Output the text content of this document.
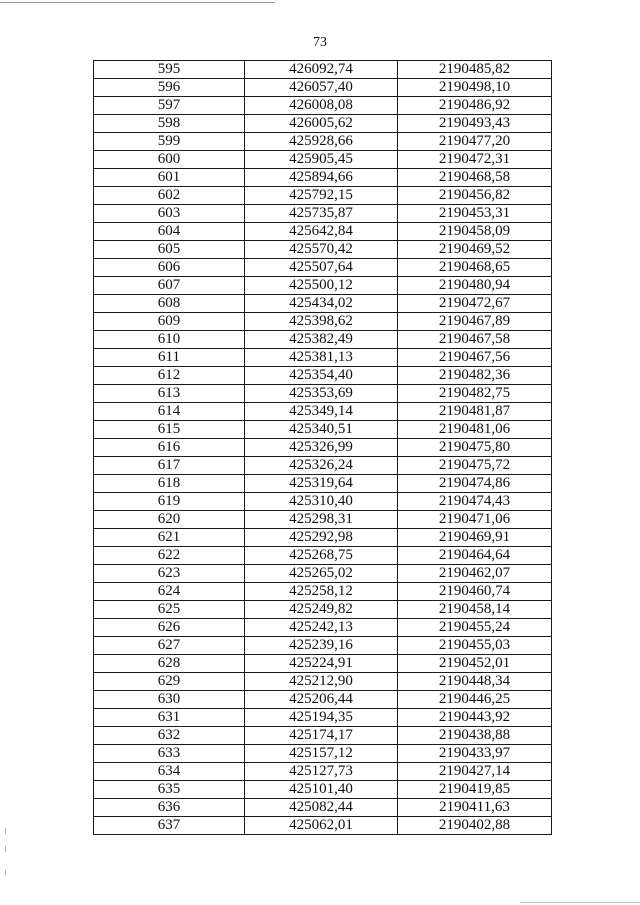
73
595	426092,74	2190485,82
596	426057,40	2190498,10
597	426008,08	2190486,92
598	426005,62	2190493,43
599	425928,66	2190477,20
600	425905,45	2190472,31
601	425894,66	2190468,58
602	425792,15	2190456,82
603	425735,87	2190453,31
604	425642,84	2190458,09
605	425570,42	2190469,52
606	425507,64	2190468,65
607	425500,12	2190480,94
608	425434,02	2190472,67
609	425398,62	2190467,89
610	425382,49	2190467,58
611	425381,13	2190467,56
612	425354,40	2190482,36
613	425353,69	2190482,75
614	425349,14	2190481,87
615	425340,51	2190481,06
616	425326,99	2190475,80
617	425326,24	2190475,72
618	425319,64	2190474,86
619	425310,40	2190474,43
620	425298,31	2190471,06
621	425292,98	2190469,91
622	425268,75	2190464,64
623	425265,02	2190462,07
624	425258,12	2190460,74
625	425249,82	2190458,14
626	425242,13	2190455,24
627	425239,16	2190455,03
628	425224,91	2190452,01
629	425212,90	2190448,34
630	425206,44	2190446,25
631	425194,35	2190443,92
632	425174,17	2190438,88
633	425157,12	2190433,97
634	425127,73	2190427,14
635	425101,40	2190419,85
636	425082,44	2190411,63
637	425062,01	2190402,88
